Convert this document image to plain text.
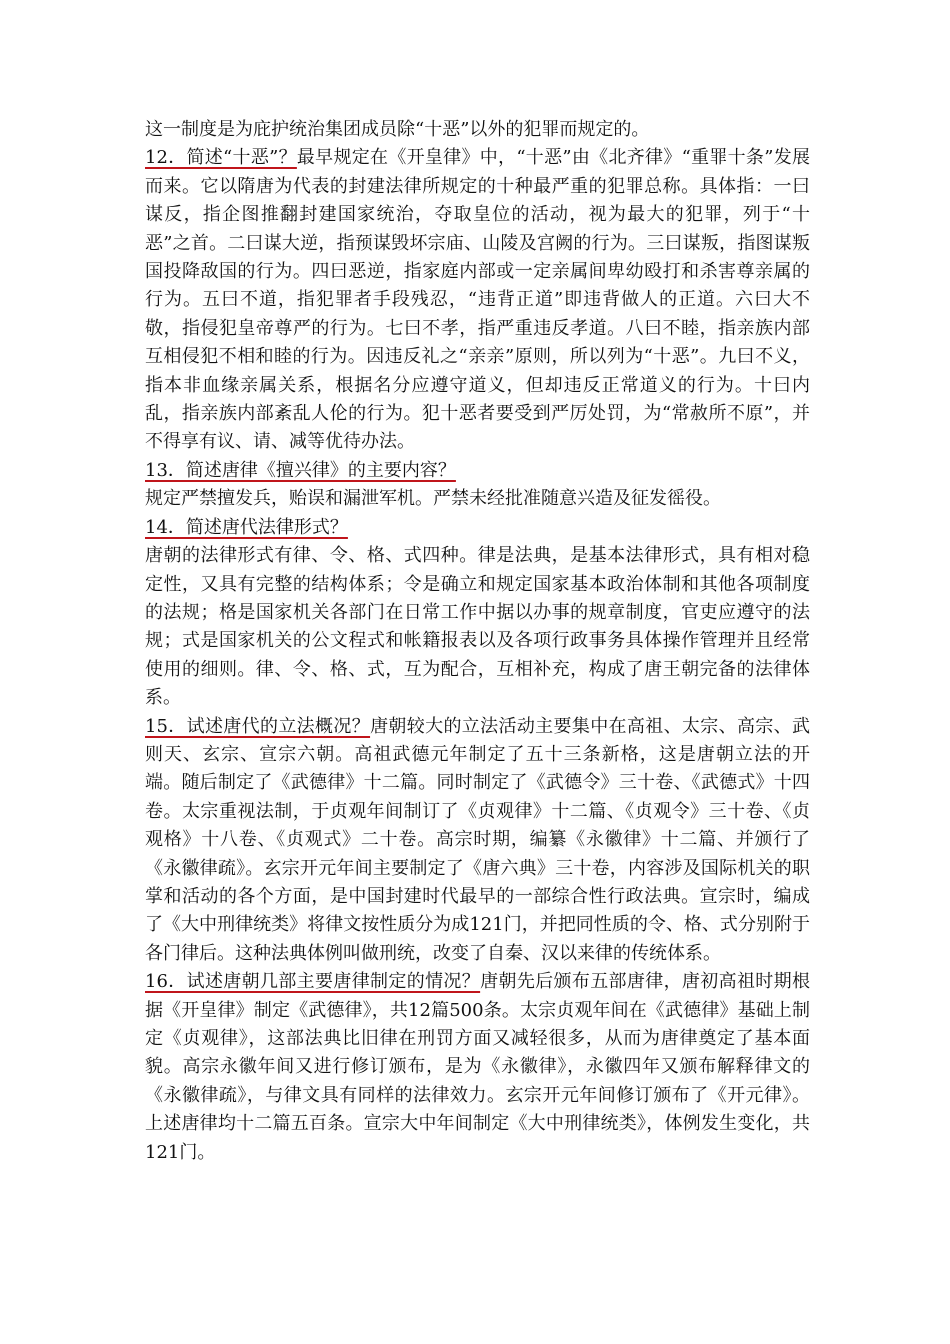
这一制度是为庇护统治集团成员除“十恶”以外的犯罪而规定的。

12．简述“十恶”？最早规定在《开皇律》中，“十恶”由《北齐律》“重罪十条”发展而来。它以隋唐为代表的封建法律所规定的十种最严重的犯罪总称。具体指：一曰谋反，指企图推翻封建国家统治，夺取皇位的活动，视为最大的犯罪，列于“十恶”之首。二曰谋大逆，指预谋毁坏宗庙、山陵及宫阙的行为。三曰谋叛，指图谋叛国投降敌国的行为。四曰恶逆，指家庭内部或一定亲属间卑幼殴打和杀害尊亲属的行为。五曰不道，指犯罪者手段残忍，“违背正道”即违背做人的正道。六曰大不敬，指侵犯皇帝尊严的行为。七曰不孝，指严重违反孝道。八曰不睦，指亲族内部互相侵犯不相和睦的行为。因违反礼之“亲亲”原则，所以列为“十恶”。九曰不义，指本非血缘亲属关系，根据名分应遵守道义，但却违反正常道义的行为。十曰内乱，指亲族内部紊乱人伦的行为。犯十恶者要受到严厉处罚，为“常赦所不原”，并不得享有议、请、减等优待办法。

13．简述唐律《擅兴律》的主要内容？
规定严禁擅发兵，贻误和漏泄军机。严禁未经批准随意兴造及征发徭役。

14．简述唐代法律形式？
唐朝的法律形式有律、令、格、式四种。律是法典，是基本法律形式，具有相对稳定性，又具有完整的结构体系；令是确立和规定国家基本政治体制和其他各项制度的法规；格是国家机关各部门在日常工作中据以办事的规章制度，官吏应遵守的法规；式是国家机关的公文程式和帐籍报表以及各项行政事务具体操作管理并且经常使用的细则。律、令、格、式，互为配合，互相补充，构成了唐王朝完备的法律体系。

15．试述唐代的立法概况？唐朝较大的立法活动主要集中在高祖、太宗、高宗、武则天、玄宗、宣宗六朝。高祖武德元年制定了五十三条新格，这是唐朝立法的开端。随后制定了《武德律》十二篇。同时制定了《武德令》三十卷、《武德式》十四卷。太宗重视法制，于贞观年间制订了《贞观律》十二篇、《贞观令》三十卷、《贞观格》十八卷、《贞观式》二十卷。高宗时期，编纂《永徽律》十二篇、并颁行了《永徽律疏》。玄宗开元年间主要制定了《唐六典》三十卷，内容涉及国际机关的职掌和活动的各个方面，是中国封建时代最早的一部综合性行政法典。宣宗时，编成了《大中刑律统类》将律文按性质分为成121门，并把同性质的令、格、式分别附于各门律后。这种法典体例叫做刑统，改变了自秦、汉以来律的传统体系。

16．试述唐朝几部主要唐律制定的情况？唐朝先后颁布五部唐律，唐初高祖时期根据《开皇律》制定《武德律》，共12篇500条。太宗贞观年间在《武德律》基础上制定《贞观律》，这部法典比旧律在刑罚方面又减轻很多，从而为唐律奠定了基本面貌。高宗永徽年间又进行修订颁布，是为《永徽律》，永徽四年又颁布解释律文的《永徽律疏》，与律文具有同样的法律效力。玄宗开元年间修订颁布了《开元律》。上述唐律均十二篇五百条。宣宗大中年间制定《大中刑律统类》，体例发生变化，共121门。
